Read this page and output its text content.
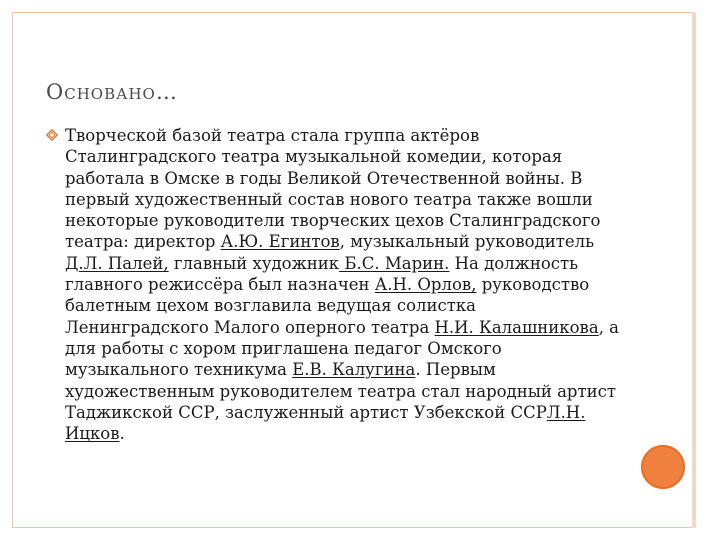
Основано…

Творческой базой театра стала группа актёров Сталинградского театра музыкальной комедии, которая работала в Омске в годы Великой Отечественной войны. В первый художественный состав нового театра также вошли некоторые руководители творческих цехов Сталинградского театра: директор А.Ю. Егинтов, музыкальный руководитель Д.Л. Палей, главный художник Б.С. Марин. На должность главного режиссёра был назначен А.Н. Орлов, руководство балетным цехом возглавила ведущая солистка Ленинградского Малого оперного театра Н.И. Калашникова, а для работы с хором приглашена педагог Омского музыкального техникума Е.В. Калугина. Первым художественным руководителем театра стал народный артист Таджикской ССР, заслуженный артист Узбекской ССРЛ.Н. Ицков.
